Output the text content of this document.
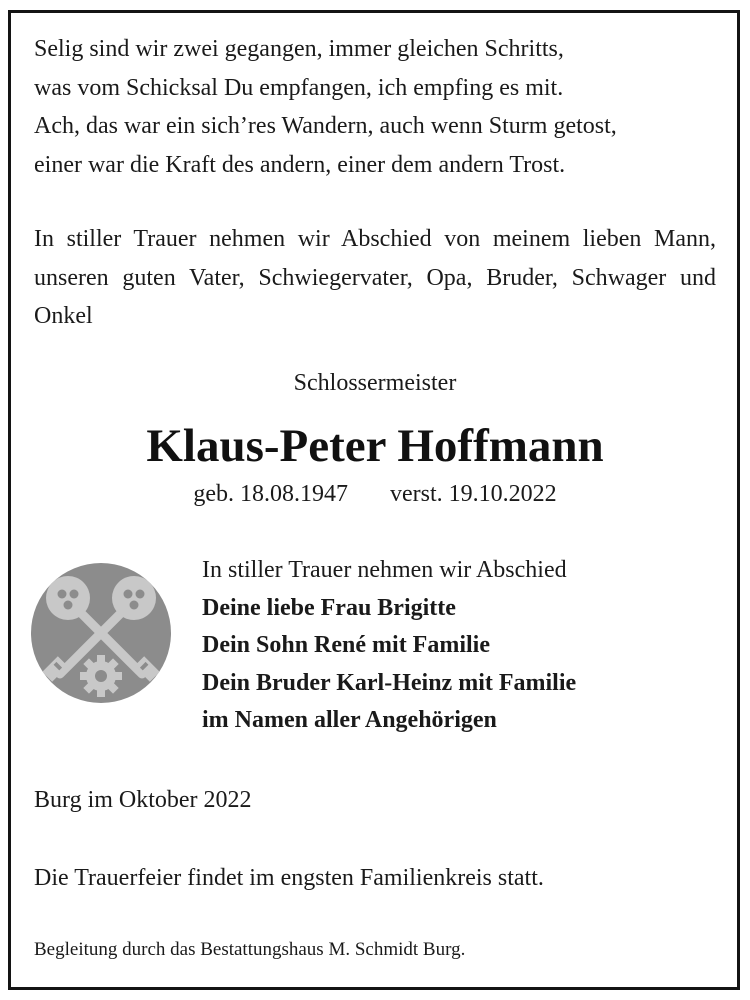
Selig sind wir zwei gegangen, immer gleichen Schritts,
was vom Schicksal Du empfangen, ich empfing es mit.
Ach, das war ein sich’res Wandern, auch wenn Sturm getost,
einer war die Kraft des andern, einer dem andern Trost.
In stiller Trauer nehmen wir Abschied von meinem lieben Mann, unseren guten Vater, Schwiegervater, Opa, Bruder, Schwager und Onkel
Schlossermeister
Klaus-Peter Hoffmann
geb. 18.08.1947 verst. 19.10.2022
In stiller Trauer nehmen wir Abschied
Deine liebe Frau Brigitte
Dein Sohn René mit Familie
Dein Bruder Karl-Heinz mit Familie
im Namen aller Angehörigen
Burg im Oktober 2022
Die Trauerfeier findet im engsten Familienkreis statt.
Begleitung durch das Bestattungshaus M. Schmidt Burg.
